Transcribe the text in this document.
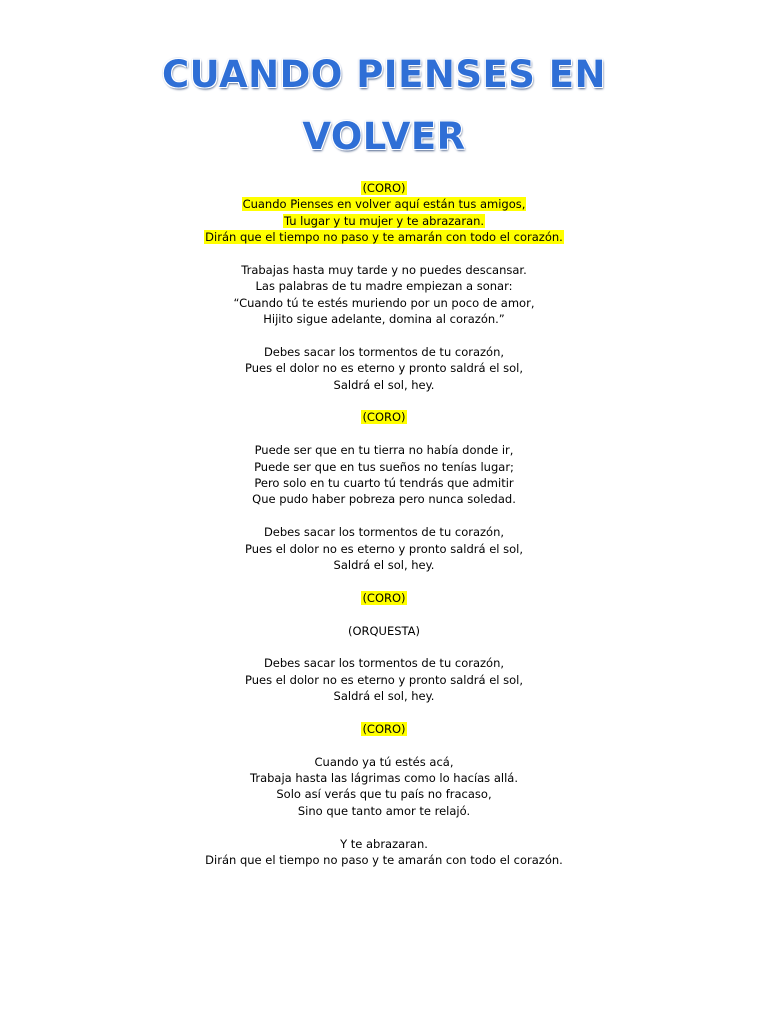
CUANDO PIENSES EN
VOLVER
(CORO)
Cuando Pienses en volver aquí están tus amigos,
Tu lugar y tu mujer y te abrazaran.
Dirán que el tiempo no paso y te amarán con todo el corazón.
Trabajas hasta muy tarde y no puedes descansar.
Las palabras de tu madre empiezan a sonar:
“Cuando tú te estés muriendo por un poco de amor,
Hijito sigue adelante, domina al corazón.”
Debes sacar los tormentos de tu corazón,
Pues el dolor no es eterno y pronto saldrá el sol,
Saldrá el sol, hey.
(CORO)
Puede ser que en tu tierra no había donde ir,
Puede ser que en tus sueños no tenías lugar;
Pero solo en tu cuarto tú tendrás que admitir
Que pudo haber pobreza pero nunca soledad.
Debes sacar los tormentos de tu corazón,
Pues el dolor no es eterno y pronto saldrá el sol,
Saldrá el sol, hey.
(CORO)
(ORQUESTA)
Debes sacar los tormentos de tu corazón,
Pues el dolor no es eterno y pronto saldrá el sol,
Saldrá el sol, hey.
(CORO)
Cuando ya tú estés acá,
Trabaja hasta las lágrimas como lo hacías allá.
Solo así verás que tu país no fracaso,
Sino que tanto amor te relajó.
Y te abrazaran.
Dirán que el tiempo no paso y te amarán con todo el corazón.
